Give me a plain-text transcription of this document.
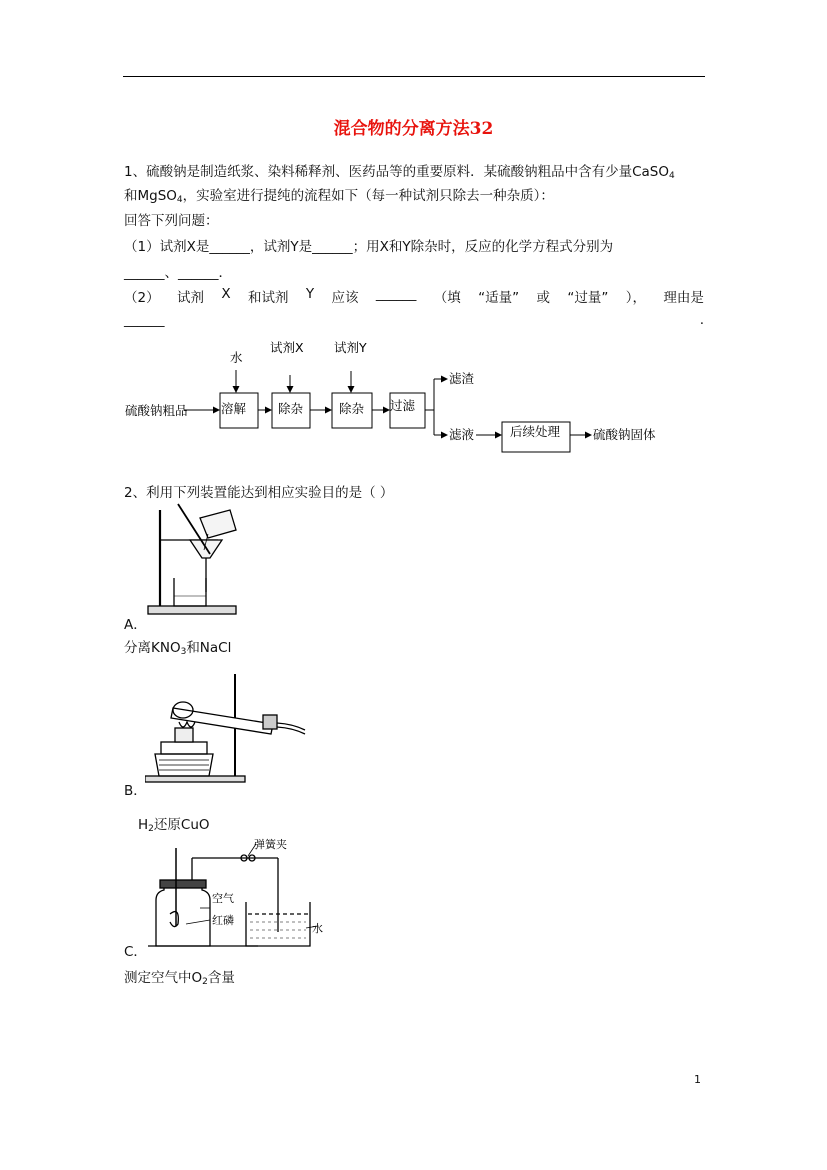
混合物的分离方法32
1、硫酸钠是制造纸浆、染料稀释剂、医药品等的重要原料．某硫酸钠粗品中含有少量CaSO$_4$
和MgSO$_4$，实验室进行提纯的流程如下（每一种试剂只除去一种杂质）：
回答下列问题：
（1）试剂X是______，试剂Y是______；用X和Y除杂时，反应的化学方程式分别为
______、______．
（2） 试剂 X 和试剂 Y 应该 ______ （填 “适量” 或 “过量” ）， 理由是
______	.
硫酸钠粗品
水
试剂X 试剂Y
溶解	除杂	除杂 过滤
滤渣
滤液	后续处理	硫酸钠固体
2、利用下列装置能达到相应实验目的是（ ）
A．
分离$KNO_3$和NaCl
B．
$H_2$还原CuO
弹簧夹
空气
红磷
水
C．
测定空气中$O_2$含量
1
